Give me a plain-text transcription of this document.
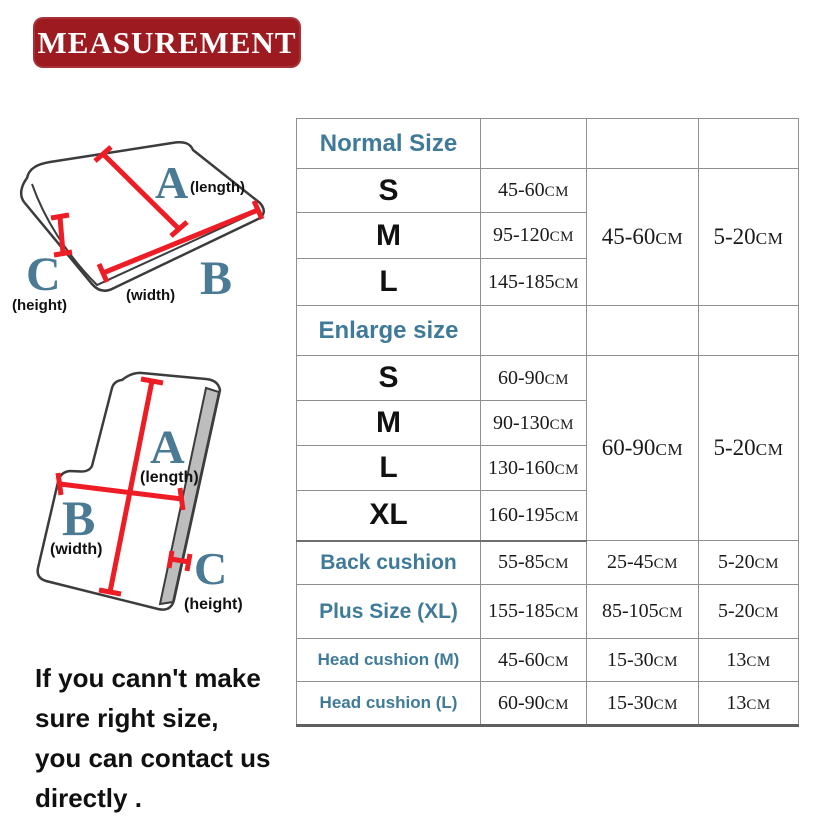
MEASUREMENT
A (length)
B
(width)
C
(height)
A
(length)
B
(width) C
(height)
Normal Size	Length(A)	Width(B)	Height(C)
S	45-60CM	45-60CM	5-20CM
M	95-120CM		
L	145-185CM		
Enlarge size	Length(A)	Width(B)	Height(C)
S	60-90CM	60-90CM	5-20CM
M	90-130CM		
L	130-160CM		
XL	160-195CM		
Back cushion	55-85CM	25-45CM	5-20CM
Plus Size (XL)	155-185CM	85-105CM	5-20CM
Head cushion (M)	45-60CM	15-30CM	13CM
Head cushion (L)	60-90CM	15-30CM	13CM
If you cann't make
sure right size,
you can contact us
directly .
